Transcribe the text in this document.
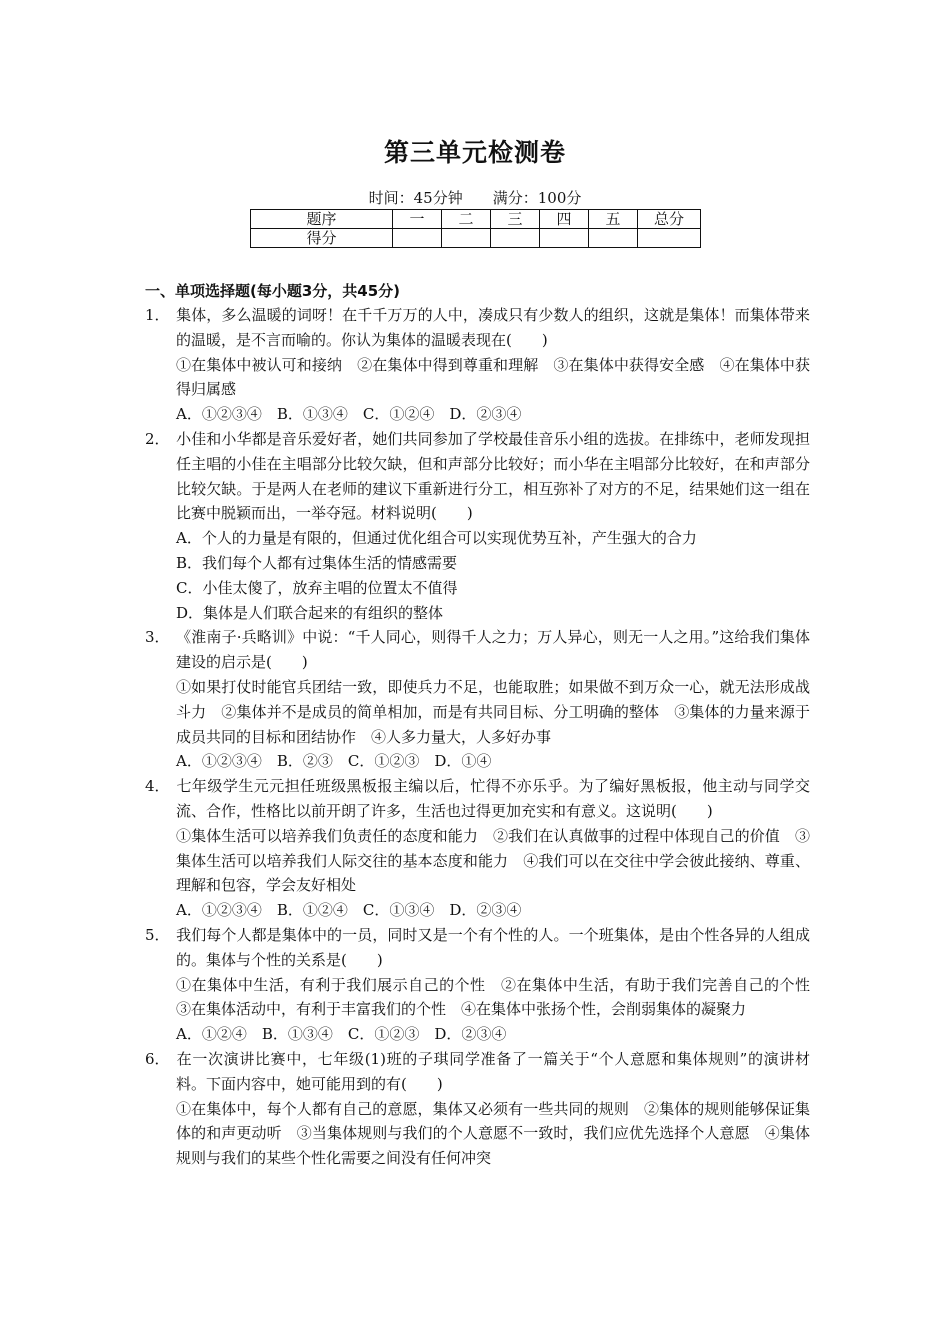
第三单元检测卷
时间：45分钟　　 满分：100分
题序	一	二	三	四	五	总分
得分						
一、单项选择题(每小题3分，共45分)
1． 集体，多么温暖的词呀！在千千万万的人中，凑成只有少数人的组织，这就是集体！而集体带来的温暖，是不言而喻的。你认为集体的温暖表现在(　　)
①在集体中被认可和接纳　②在集体中得到尊重和理解　③在集体中获得安全感　④在集体中获得归属感
A．①②③④　B．①③④　C．①②④　D．②③④
2． 小佳和小华都是音乐爱好者，她们共同参加了学校最佳音乐小组的选拔。在排练中，老师发现担任主唱的小佳在主唱部分比较欠缺，但和声部分比较好；而小华在主唱部分比较好，在和声部分比较欠缺。于是两人在老师的建议下重新进行分工，相互弥补了对方的不足，结果她们这一组在比赛中脱颖而出，一举夺冠。材料说明(　　)
A．个人的力量是有限的，但通过优化组合可以实现优势互补，产生强大的合力
B．我们每个人都有过集体生活的情感需要
C．小佳太傻了，放弃主唱的位置太不值得
D．集体是人们联合起来的有组织的整体
3． 《淮南子·兵略训》中说：“千人同心，则得千人之力；万人异心，则无一人之用。”这给我们集体建设的启示是(　　)
①如果打仗时能官兵团结一致，即使兵力不足，也能取胜；如果做不到万众一心，就无法形成战斗力　②集体并不是成员的简单相加，而是有共同目标、分工明确的整体　③集体的力量来源于成员共同的目标和团结协作　④人多力量大，人多好办事
A．①②③④　B．②③　C．①②③　D．①④
4． 七年级学生元元担任班级黑板报主编以后，忙得不亦乐乎。为了编好黑板报，他主动与同学交流、合作，性格比以前开朗了许多，生活也过得更加充实和有意义。这说明(　　)
①集体生活可以培养我们负责任的态度和能力　②我们在认真做事的过程中体现自己的价值　③集体生活可以培养我们人际交往的基本态度和能力　④我们可以在交往中学会彼此接纳、尊重、理解和包容，学会友好相处
A．①②③④　B．①②④　C．①③④　D．②③④
5． 我们每个人都是集体中的一员，同时又是一个有个性的人。一个班集体，是由个性各异的人组成的。集体与个性的关系是(　　)
①在集体中生活，有利于我们展示自己的个性　②在集体中生活，有助于我们完善自己的个性　③在集体活动中，有利于丰富我们的个性　④在集体中张扬个性，会削弱集体的凝聚力
A．①②④　B．①③④　C．①②③　D．②③④
6． 在一次演讲比赛中，七年级(1)班的子琪同学准备了一篇关于“个人意愿和集体规则”的演讲材料。下面内容中，她可能用到的有(　　)
①在集体中，每个人都有自己的意愿，集体又必须有一些共同的规则　②集体的规则能够保证集体的和声更动听　③当集体规则与我们的个人意愿不一致时，我们应优先选择个人意愿　④集体规则与我们的某些个性化需要之间没有任何冲突
